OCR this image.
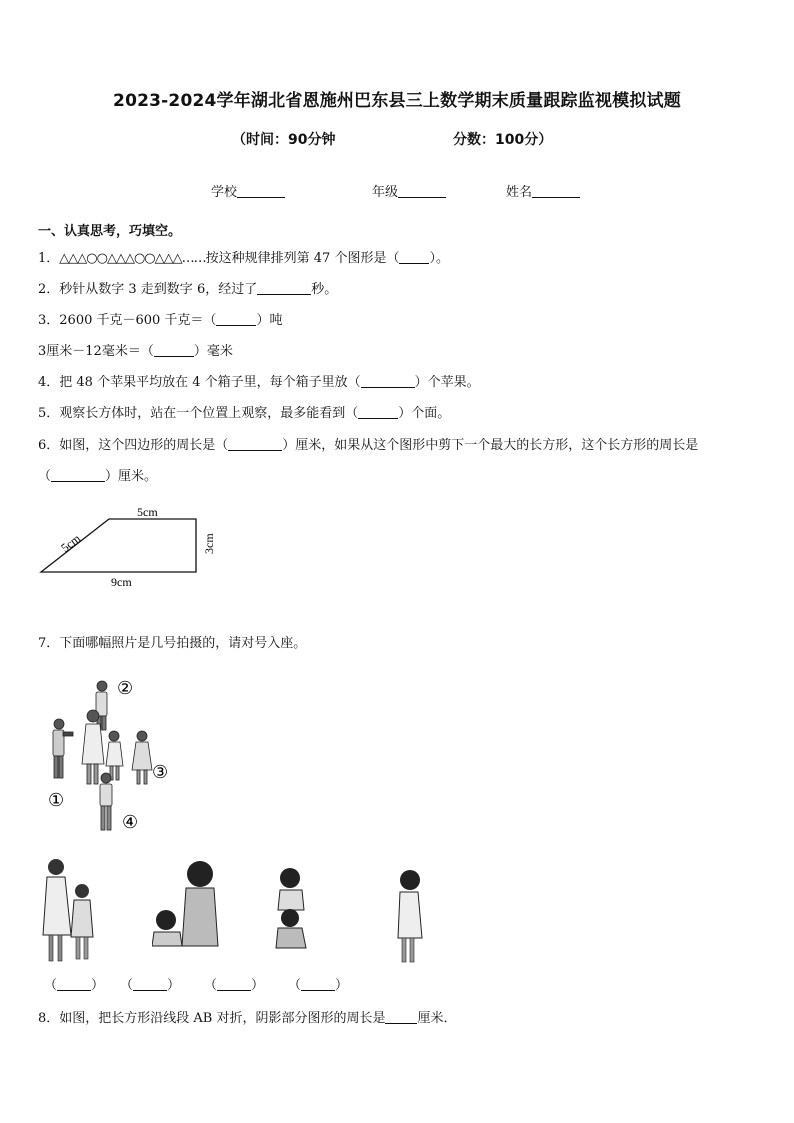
2023-2024学年湖北省恩施州巴东县三上数学期末质量跟踪监视模拟试题
（时间：90分钟	分数：100分）
学校	年级	姓名
一、认真思考，巧填空。
1．△△△○○△△△○○△△△……按这种规律排列第 47 个图形是（ ）。
2．秒针从数字 3 走到数字 6，经过了	秒。
3．2600 千克－600 千克＝（	）吨
3厘米－12毫米＝（	）毫米
4．把 48 个苹果平均放在 4 个箱子里，每个箱子里放（	）个苹果。
5．观察长方体时，站在一个位置上观察，最多能看到（	）个面。
6．如图，这个四边形的周长是（	）厘米，如果从这个图形中剪下一个最大的长方形，这个长方形的周长是
（	）厘米。
5cm
5cm	3cm
9cm
7．下面哪幅照片是几号拍摄的，请对号入座。
①
②
③
④
（	） （	） （	） （	）
8．如图，把长方形沿线段 AB 对折，阴影部分图形的周长是 厘米．
